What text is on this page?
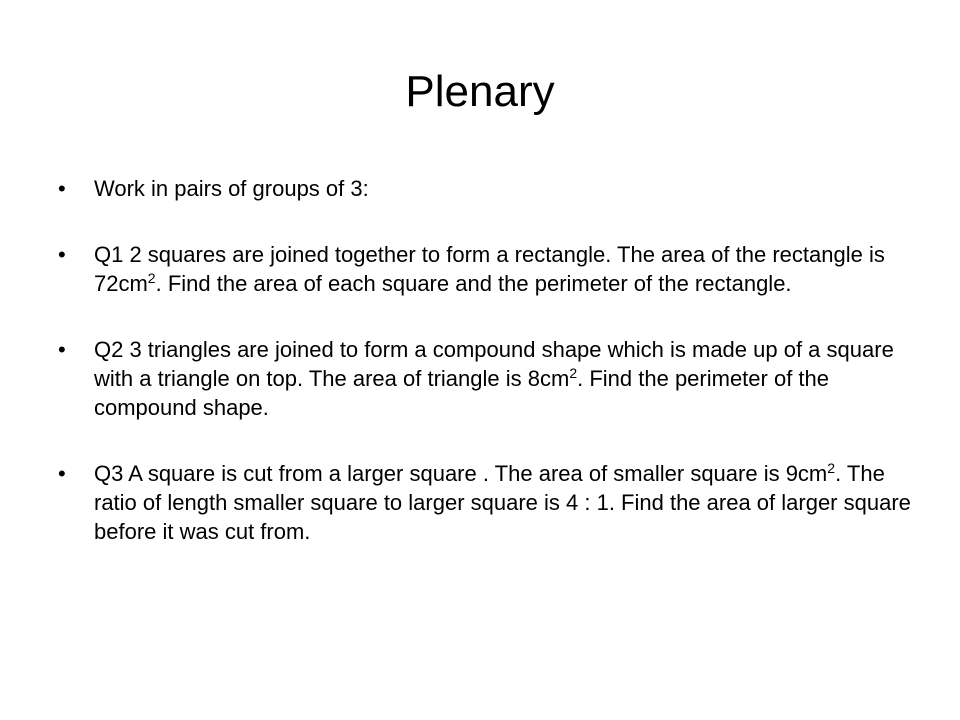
Plenary
•	Work in pairs of groups of 3:
•	Q1 2 squares are joined together to form a rectangle. The area of the rectangle is $72cm^2$. Find the area of each square and the perimeter of the rectangle.
•	Q2 3 triangles are joined to form a compound shape which is made up of a square with a triangle on top. The area of triangle is $8cm^2$. Find the perimeter of the compound shape.
•	Q3 A square is cut from a larger square . The area of smaller square is $9cm^2$. The ratio of length smaller square to larger square is 4 : 1. Find the area of larger square before it was cut from.
